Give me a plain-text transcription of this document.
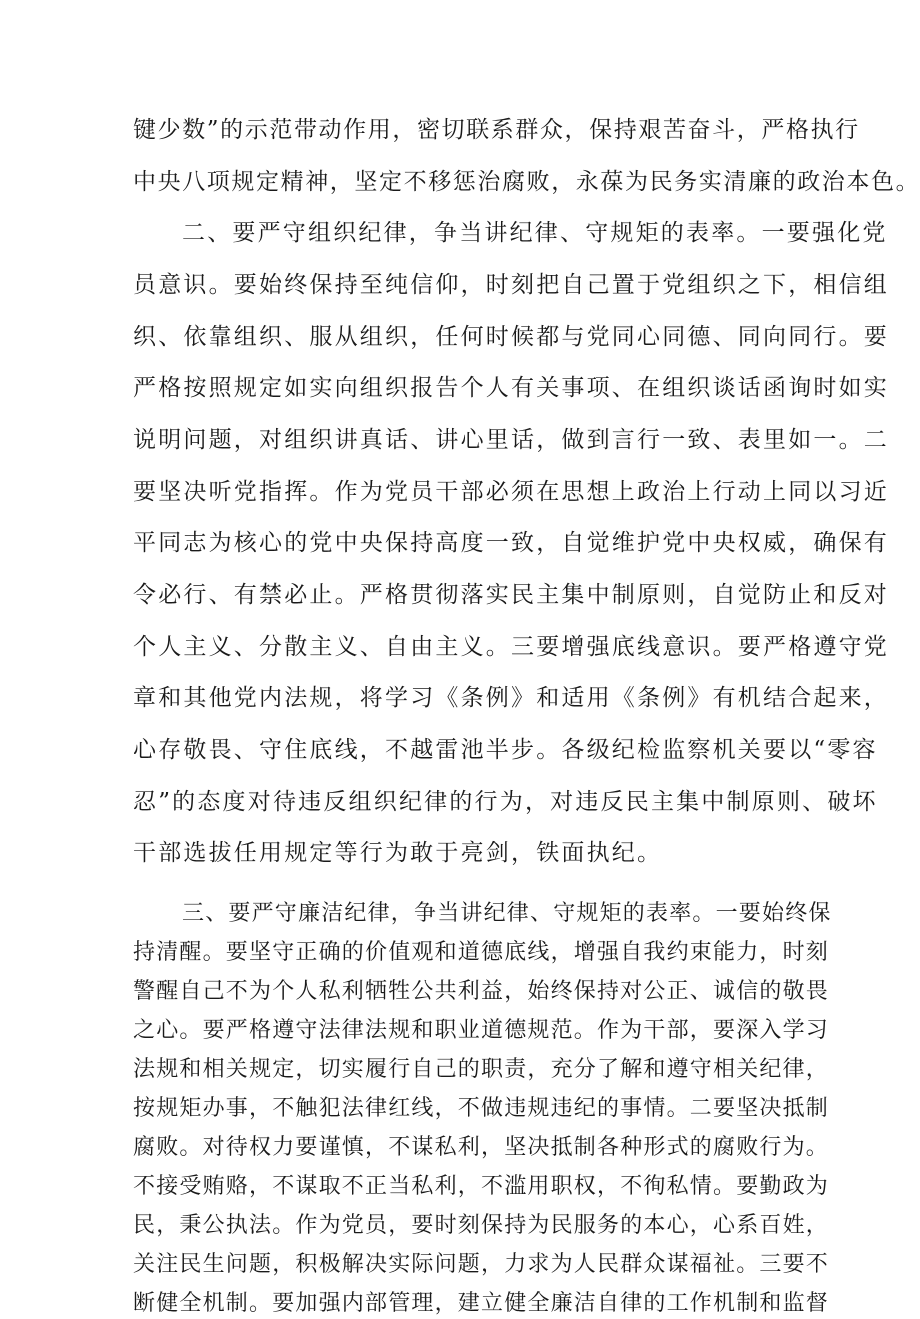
键少数”的示范带动作用，密切联系群众，保持艰苦奋斗，严格执行

中央八项规定精神，坚定不移惩治腐败，永葆为民务实清廉的政治本色。

二、要严守组织纪律，争当讲纪律、守规矩的表率。一要强化党

员意识。要始终保持至纯信仰，时刻把自己置于党组织之下，相信组

织、依靠组织、服从组织，任何时候都与党同心同德、同向同行。要

严格按照规定如实向组织报告个人有关事项、在组织谈话函询时如实

说明问题，对组织讲真话、讲心里话，做到言行一致、表里如一。二

要坚决听党指挥。作为党员干部必须在思想上政治上行动上同以习近

平同志为核心的党中央保持高度一致，自觉维护党中央权威，确保有

令必行、有禁必止。严格贯彻落实民主集中制原则，自觉防止和反对

个人主义、分散主义、自由主义。三要增强底线意识。要严格遵守党

章和其他党内法规，将学习《条例》和适用《条例》有机结合起来，

心存敬畏、守住底线，不越雷池半步。各级纪检监察机关要以“零容

忍”的态度对待违反组织纪律的行为，对违反民主集中制原则、破坏

干部选拔任用规定等行为敢于亮剑，铁面执纪。

三、要严守廉洁纪律，争当讲纪律、守规矩的表率。一要始终保

持清醒。要坚守正确的价值观和道德底线，增强自我约束能力，时刻

警醒自己不为个人私利牺牲公共利益，始终保持对公正、诚信的敬畏

之心。要严格遵守法律法规和职业道德规范。作为干部，要深入学习

法规和相关规定，切实履行自己的职责，充分了解和遵守相关纪律，

按规矩办事，不触犯法律红线，不做违规违纪的事情。二要坚决抵制

腐败。对待权力要谨慎，不谋私利，坚决抵制各种形式的腐败行为。

不接受贿赂，不谋取不正当私利，不滥用职权，不徇私情。要勤政为

民，秉公执法。作为党员，要时刻保持为民服务的本心，心系百姓，

关注民生问题，积极解决实际问题，力求为人民群众谋福祉。三要不

断健全机制。要加强内部管理，建立健全廉洁自律的工作机制和监督
